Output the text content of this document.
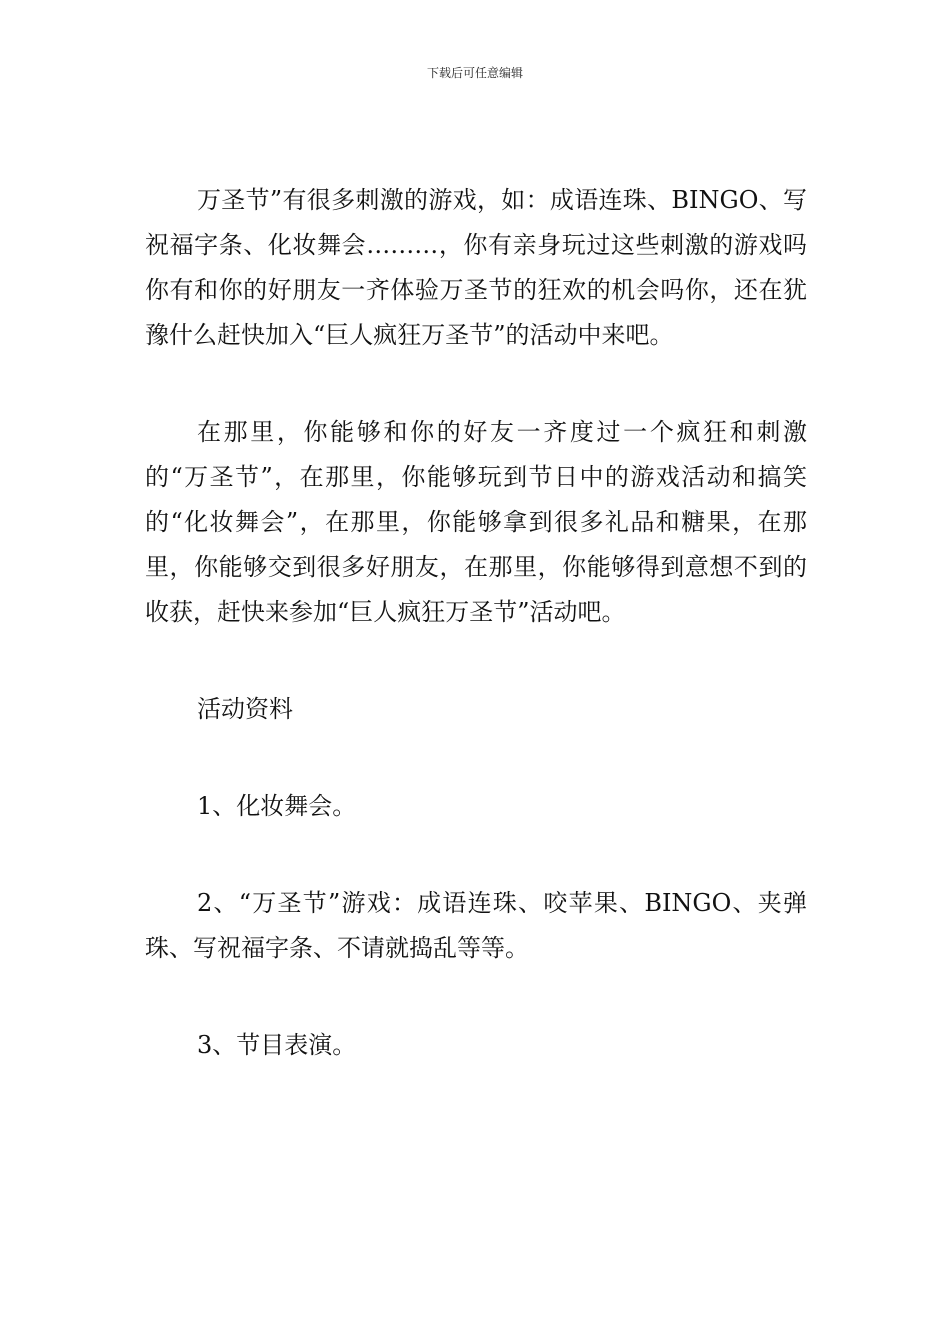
下载后可任意编辑

万圣节”有很多刺激的游戏，如：成语连珠、BINGO、写祝福字条、化妆舞会………，你有亲身玩过这些刺激的游戏吗你有和你的好朋友一齐体验万圣节的狂欢的机会吗你，还在犹豫什么赶快加入“巨人疯狂万圣节”的活动中来吧。

在那里，你能够和你的好友一齐度过一个疯狂和刺激的“万圣节”，在那里，你能够玩到节日中的游戏活动和搞笑的“化妆舞会”，在那里，你能够拿到很多礼品和糖果，在那里，你能够交到很多好朋友，在那里，你能够得到意想不到的收获，赶快来参加“巨人疯狂万圣节”活动吧。

活动资料

1、化妆舞会。

2、“万圣节”游戏：成语连珠、咬苹果、BINGO、夹弹珠、写祝福字条、不请就捣乱等等。

3、节目表演。
